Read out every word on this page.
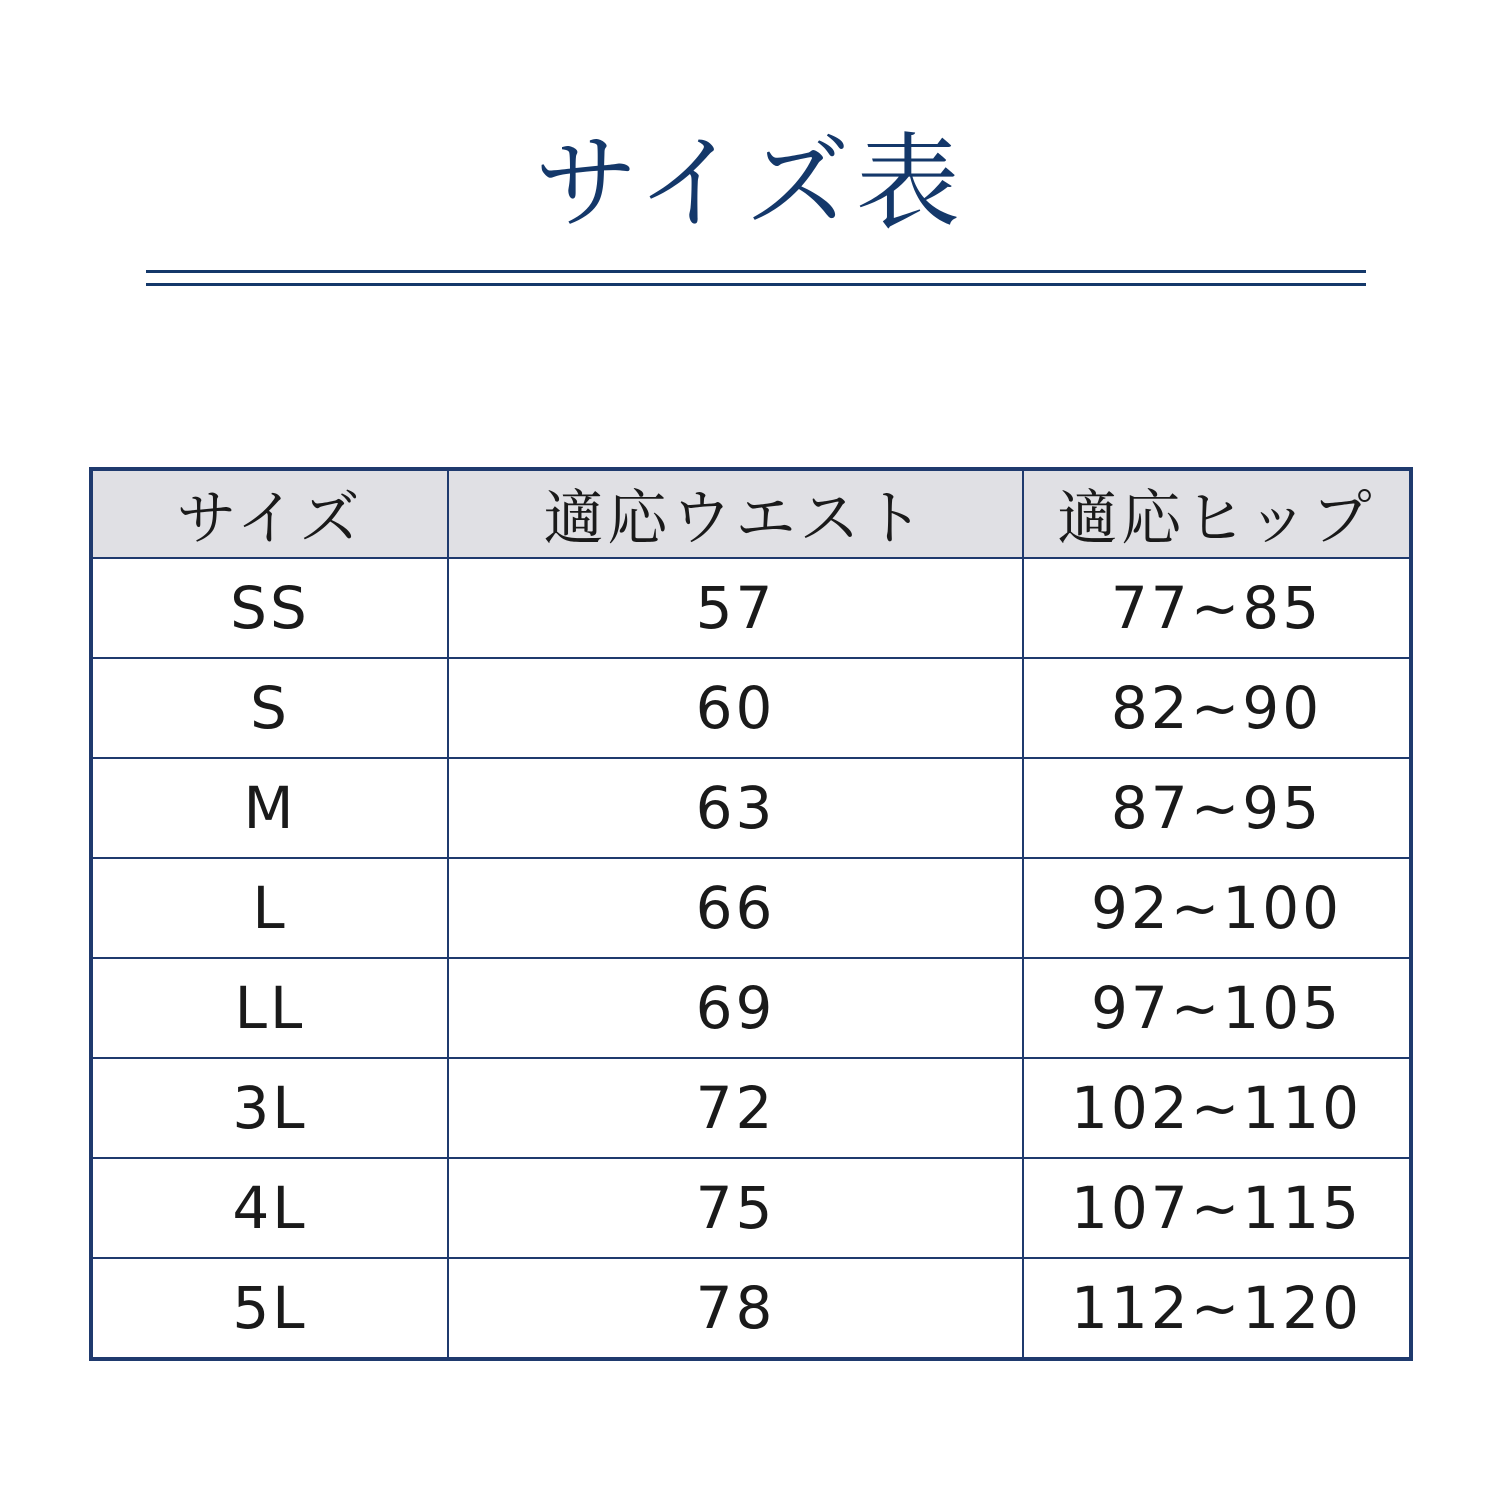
サイズ表
サイズ	適応ウエスト	適応ヒップ
SS	57	77~85
S	60	82~90
M	63	87~95
L	66	92~100
LL	69	97~105
3L	72	102~110
4L	75	107~115
5L	78	112~120
